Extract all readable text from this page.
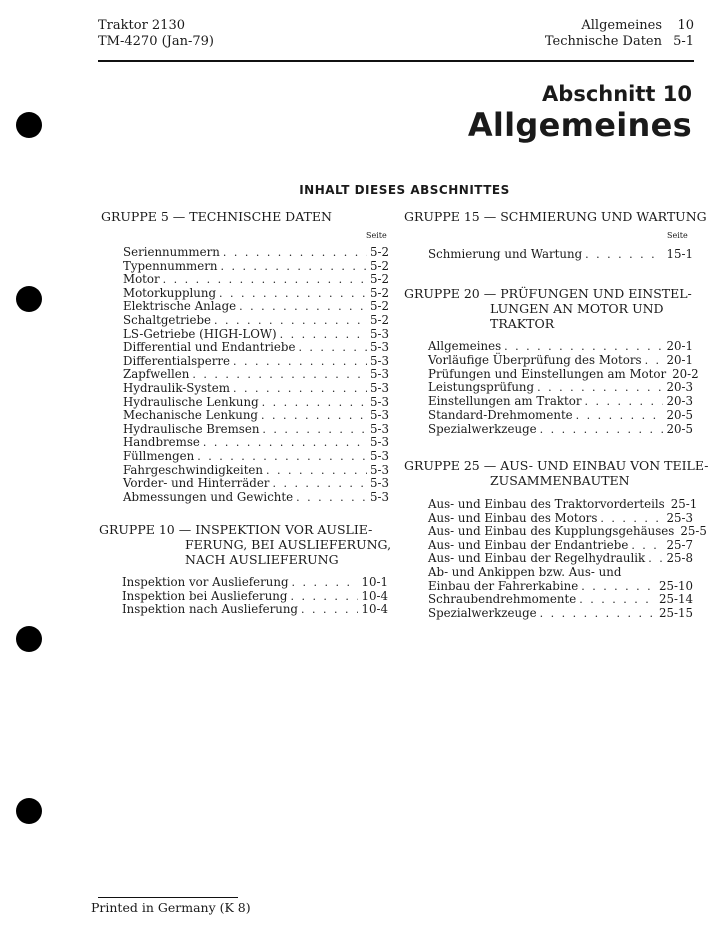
Traktor 2130
TM-4270 (Jan-79)
Allgemeines 10
Technische Daten 5-1
Abschnitt 10
Allgemeines
INHALT DIESES ABSCHNITTES
GRUPPE 5 — TECHNISCHE DATEN
Seite
Seriennummern . . .	5-2
Typennummern . . .	5-2
Motor . . .	5-2
Motorkupplung . . .	5-2
Elektrische Anlage . . .	5-2
Schaltgetriebe . . .	5-2
LS-Getriebe (HIGH-LOW) . . .	5-3
Differential und Endantriebe . . .	5-3
Differentialsperre . . .	5-3
Zapfwellen . . .	5-3
Hydraulik-System . . .	5-3
Hydraulische Lenkung . . .	5-3
Mechanische Lenkung . . .	5-3
Hydraulische Bremsen . . .	5-3
Handbremse . . .	5-3
Füllmengen . . .	5-3
Fahrgeschwindigkeiten . . .	5-3
Vorder- und Hinterräder . . .	5-3
Abmessungen und Gewichte . . .	5-3
GRUPPE 10 — INSPEKTION VOR AUSLIE-
FERUNG, BEI AUSLIEFERUNG,
NACH AUSLIEFERUNG
Inspektion vor Auslieferung . . .	10-1
Inspektion bei Auslieferung . . .	10-4
Inspektion nach Auslieferung . . .	10-4
GRUPPE 15 — SCHMIERUNG UND WARTUNG
Seite
Schmierung und Wartung . . .	15-1
GRUPPE 20 — PRÜFUNGEN UND EINSTEL-
LUNGEN AN MOTOR UND
TRAKTOR
Allgemeines . . .	20-1
Vorläufige Überprüfung des Motors . . . 20-1
Prüfungen und Einstellungen am Motor 20-2
Leistungsprüfung . . .	20-3
Einstellungen am Traktor . . .	20-3
Standard-Drehmomente . . .	20-5
Spezialwerkzeuge . . .	20-5
GRUPPE 25 — AUS- UND EINBAU VON TEILE-
ZUSAMMENBAUTEN
Aus- und Einbau des Traktorvorderteils 25-1
Aus- und Einbau des Motors . . .	25-3
Aus- und Einbau des Kupplungsgehäuses 25-5
Aus- und Einbau der Endantriebe . . .	25-7
Aus- und Einbau der Regelhydraulik . . . 25-8
Ab- und Ankippen bzw. Aus- und
Einbau der Fahrerkabine . . .	25-10
Schraubendrehmomente . . .	25-14
Spezialwerkzeuge . . .	25-15
Printed in Germany (K 8)
